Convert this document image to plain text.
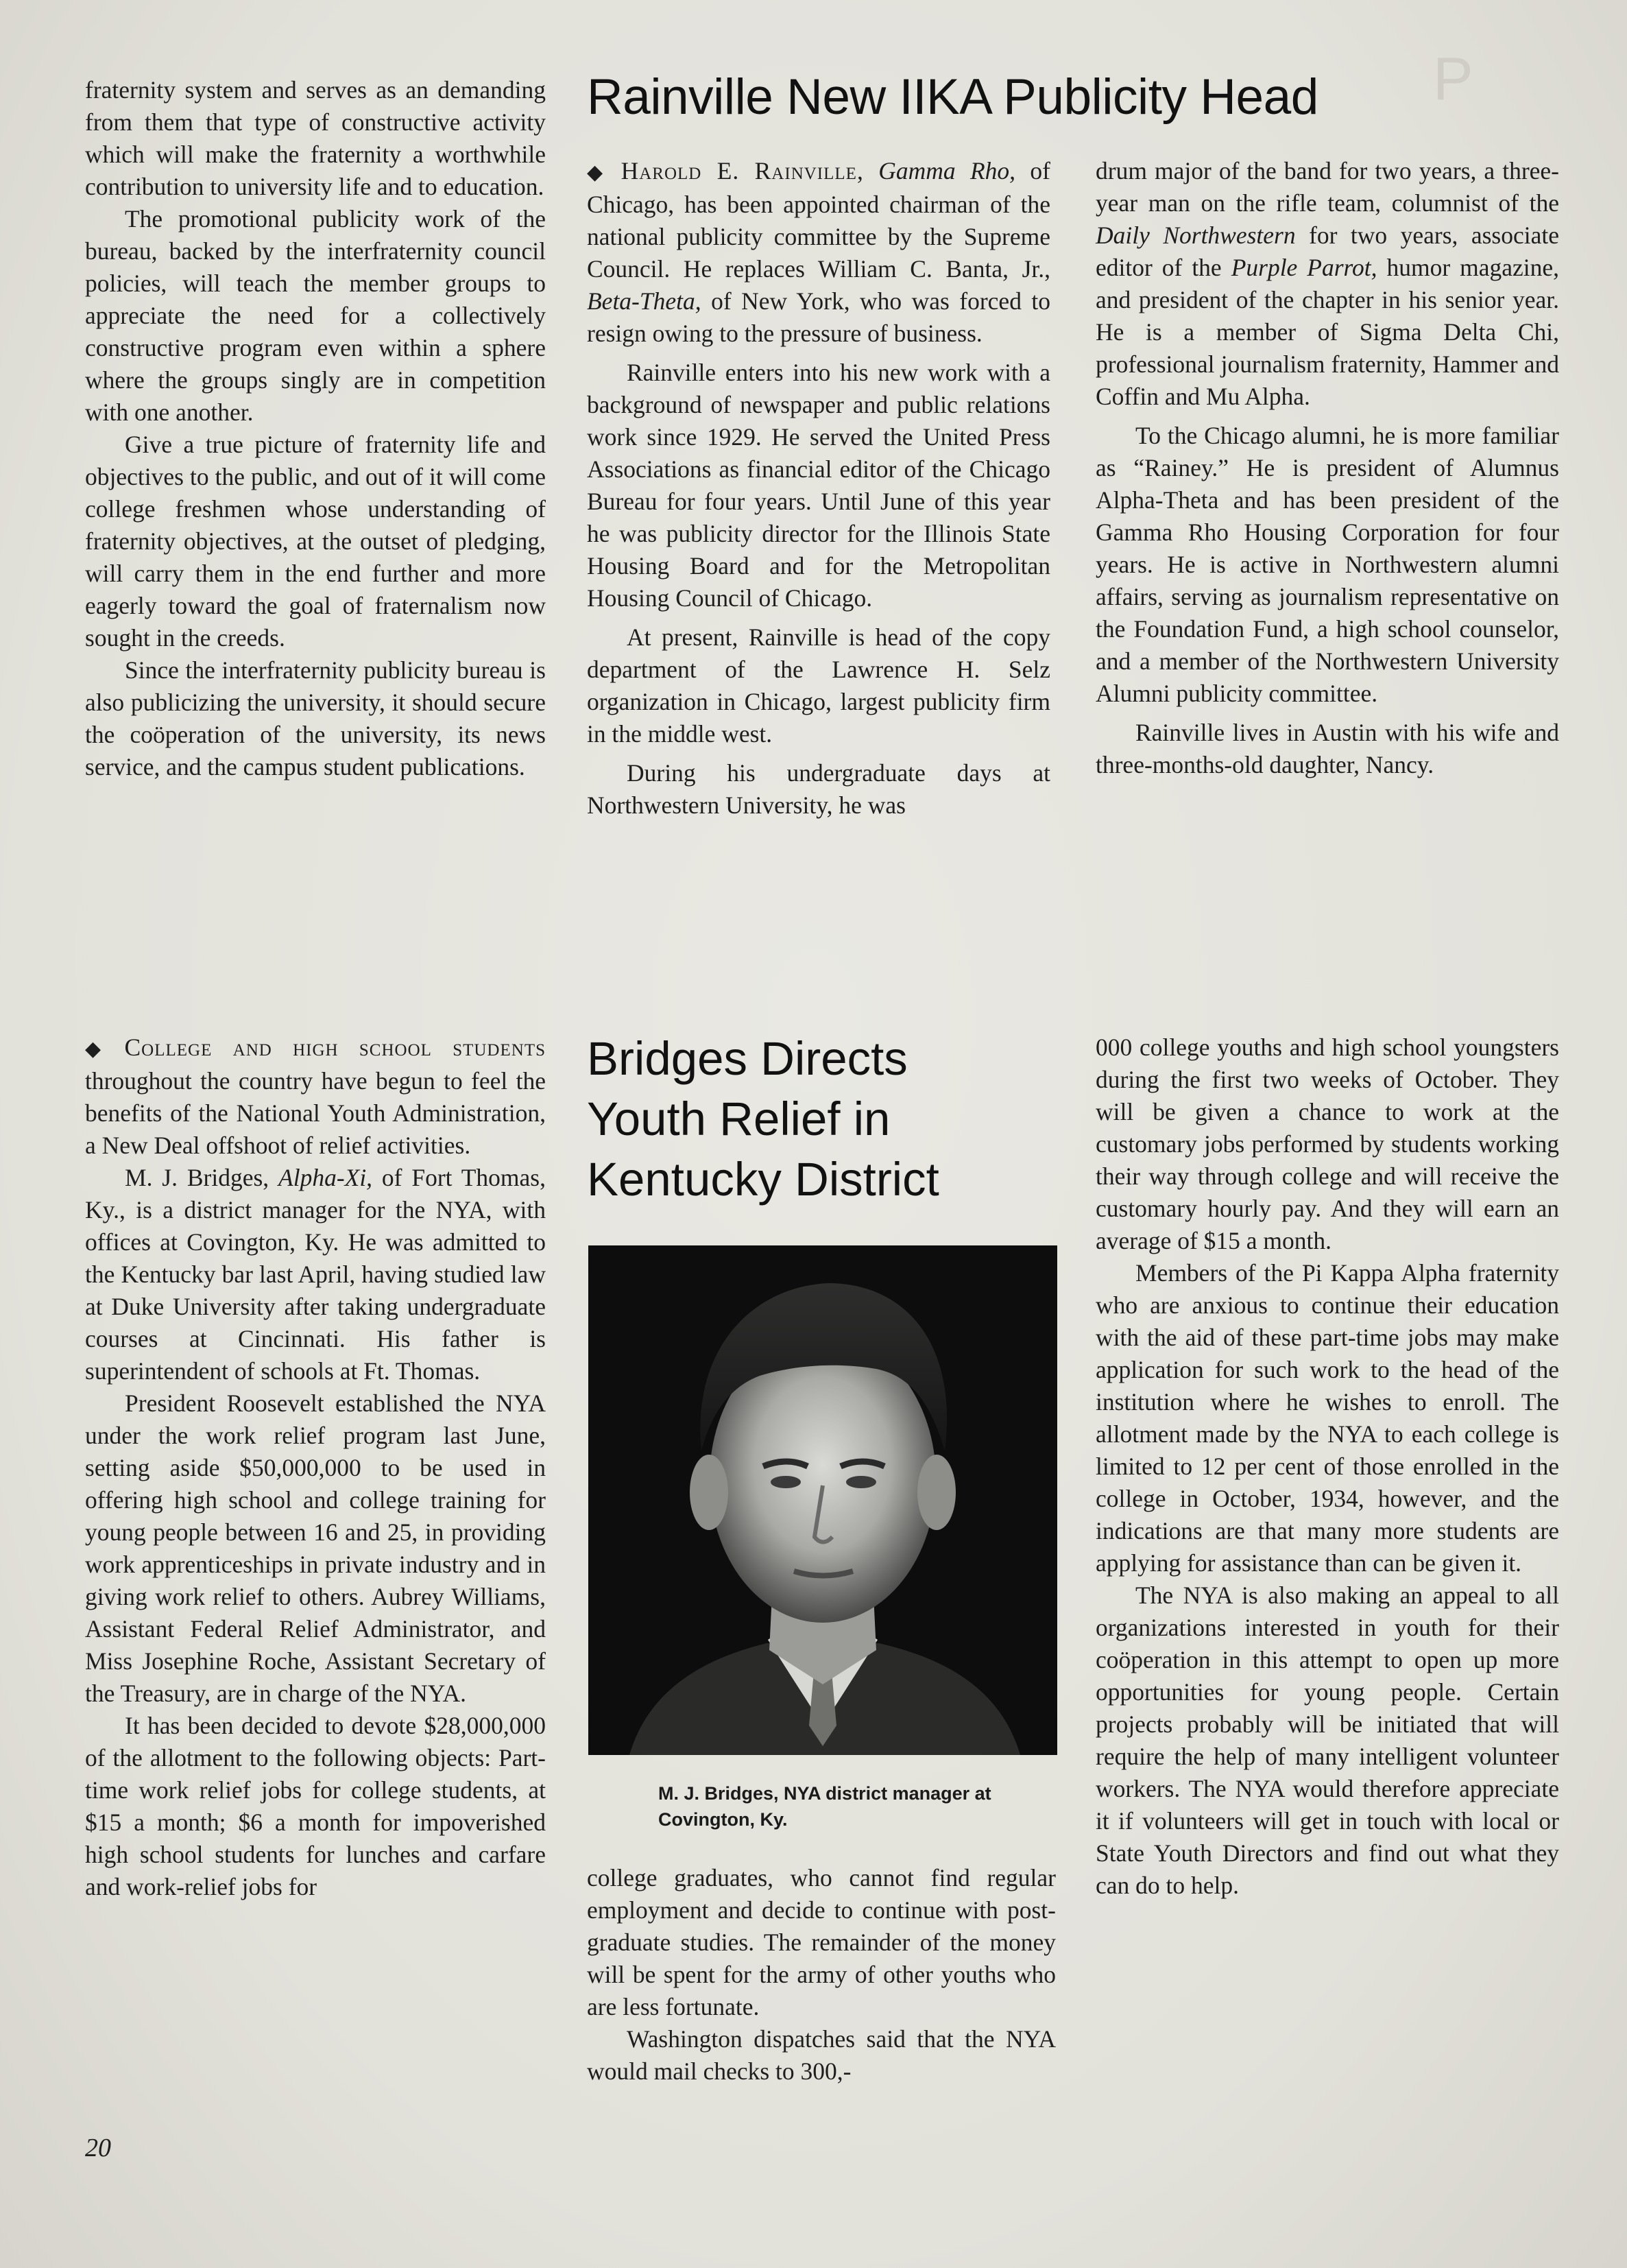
P

fraternity system and serves as an demanding from them that type of constructive activity which will make the fraternity a worthwhile contribution to university life and to education.

The promotional publicity work of the bureau, backed by the interfraternity council policies, will teach the member groups to appreciate the need for a collectively constructive program even within a sphere where the groups singly are in competition with one another.

Give a true picture of fraternity life and objectives to the public, and out of it will come college freshmen whose understanding of fraternity objectives, at the outset of pledging, will carry them in the end further and more eagerly toward the goal of fraternalism now sought in the creeds.

Since the interfraternity publicity bureau is also publicizing the university, it should secure the coöperation of the university, its news service, and the campus student publications.

Rainville New IIKA Publicity Head

◆ Harold E. Rainville, Gamma Rho, of Chicago, has been appointed chairman of the national publicity committee by the Supreme Council. He replaces William C. Banta, Jr., Beta-Theta, of New York, who was forced to resign owing to the pressure of business.

Rainville enters into his new work with a background of newspaper and public relations work since 1929. He served the United Press Associations as financial editor of the Chicago Bureau for four years. Until June of this year he was publicity director for the Illinois State Housing Board and for the Metropolitan Housing Council of Chicago.

At present, Rainville is head of the copy department of the Lawrence H. Selz organization in Chicago, largest publicity firm in the middle west.

During his undergraduate days at Northwestern University, he was

drum major of the band for two years, a three-year man on the rifle team, columnist of the Daily Northwestern for two years, associate editor of the Purple Parrot, humor magazine, and president of the chapter in his senior year. He is a member of Sigma Delta Chi, professional journalism fraternity, Hammer and Coffin and Mu Alpha.

To the Chicago alumni, he is more familiar as “Rainey.” He is president of Alumnus Alpha-Theta and has been president of the Gamma Rho Housing Corporation for four years. He is active in Northwestern alumni affairs, serving as journalism representative on the Foundation Fund, a high school counselor, and a member of the Northwestern University Alumni publicity committee.

Rainville lives in Austin with his wife and three-months-old daughter, Nancy.

◆ College and high school students throughout the country have begun to feel the benefits of the National Youth Administration, a New Deal offshoot of relief activities.

M. J. Bridges, Alpha-Xi, of Fort Thomas, Ky., is a district manager for the NYA, with offices at Covington, Ky. He was admitted to the Kentucky bar last April, having studied law at Duke University after taking undergraduate courses at Cincinnati. His father is superintendent of schools at Ft. Thomas.

President Roosevelt established the NYA under the work relief program last June, setting aside $50,000,000 to be used in offering high school and college training for young people between 16 and 25, in providing work apprenticeships in private industry and in giving work relief to others. Aubrey Williams, Assistant Federal Relief Administrator, and Miss Josephine Roche, Assistant Secretary of the Treasury, are in charge of the NYA.

It has been decided to devote $28,000,000 of the allotment to the following objects: Part-time work relief jobs for college students, at $15 a month; $6 a month for impoverished high school students for lunches and carfare and work-relief jobs for

Bridges Directs
Youth Relief in
Kentucky District
M. J. Bridges, NYA district manager at Covington, Ky.

college graduates, who cannot find regular employment and decide to continue with post-graduate studies. The remainder of the money will be spent for the army of other youths who are less fortunate.

Washington dispatches said that the NYA would mail checks to 300,-

000 college youths and high school youngsters during the first two weeks of October. They will be given a chance to work at the customary jobs performed by students working their way through college and will receive the customary hourly pay. And they will earn an average of $15 a month.

Members of the Pi Kappa Alpha fraternity who are anxious to continue their education with the aid of these part-time jobs may make application for such work to the head of the institution where he wishes to enroll. The allotment made by the NYA to each college is limited to 12 per cent of those enrolled in the college in October, 1934, however, and the indications are that many more students are applying for assistance than can be given it.

The NYA is also making an appeal to all organizations interested in youth for their coöperation in this attempt to open up more opportunities for young people. Certain projects probably will be initiated that will require the help of many intelligent volunteer workers. The NYA would therefore appreciate it if volunteers will get in touch with local or State Youth Directors and find out what they can do to help.

20
